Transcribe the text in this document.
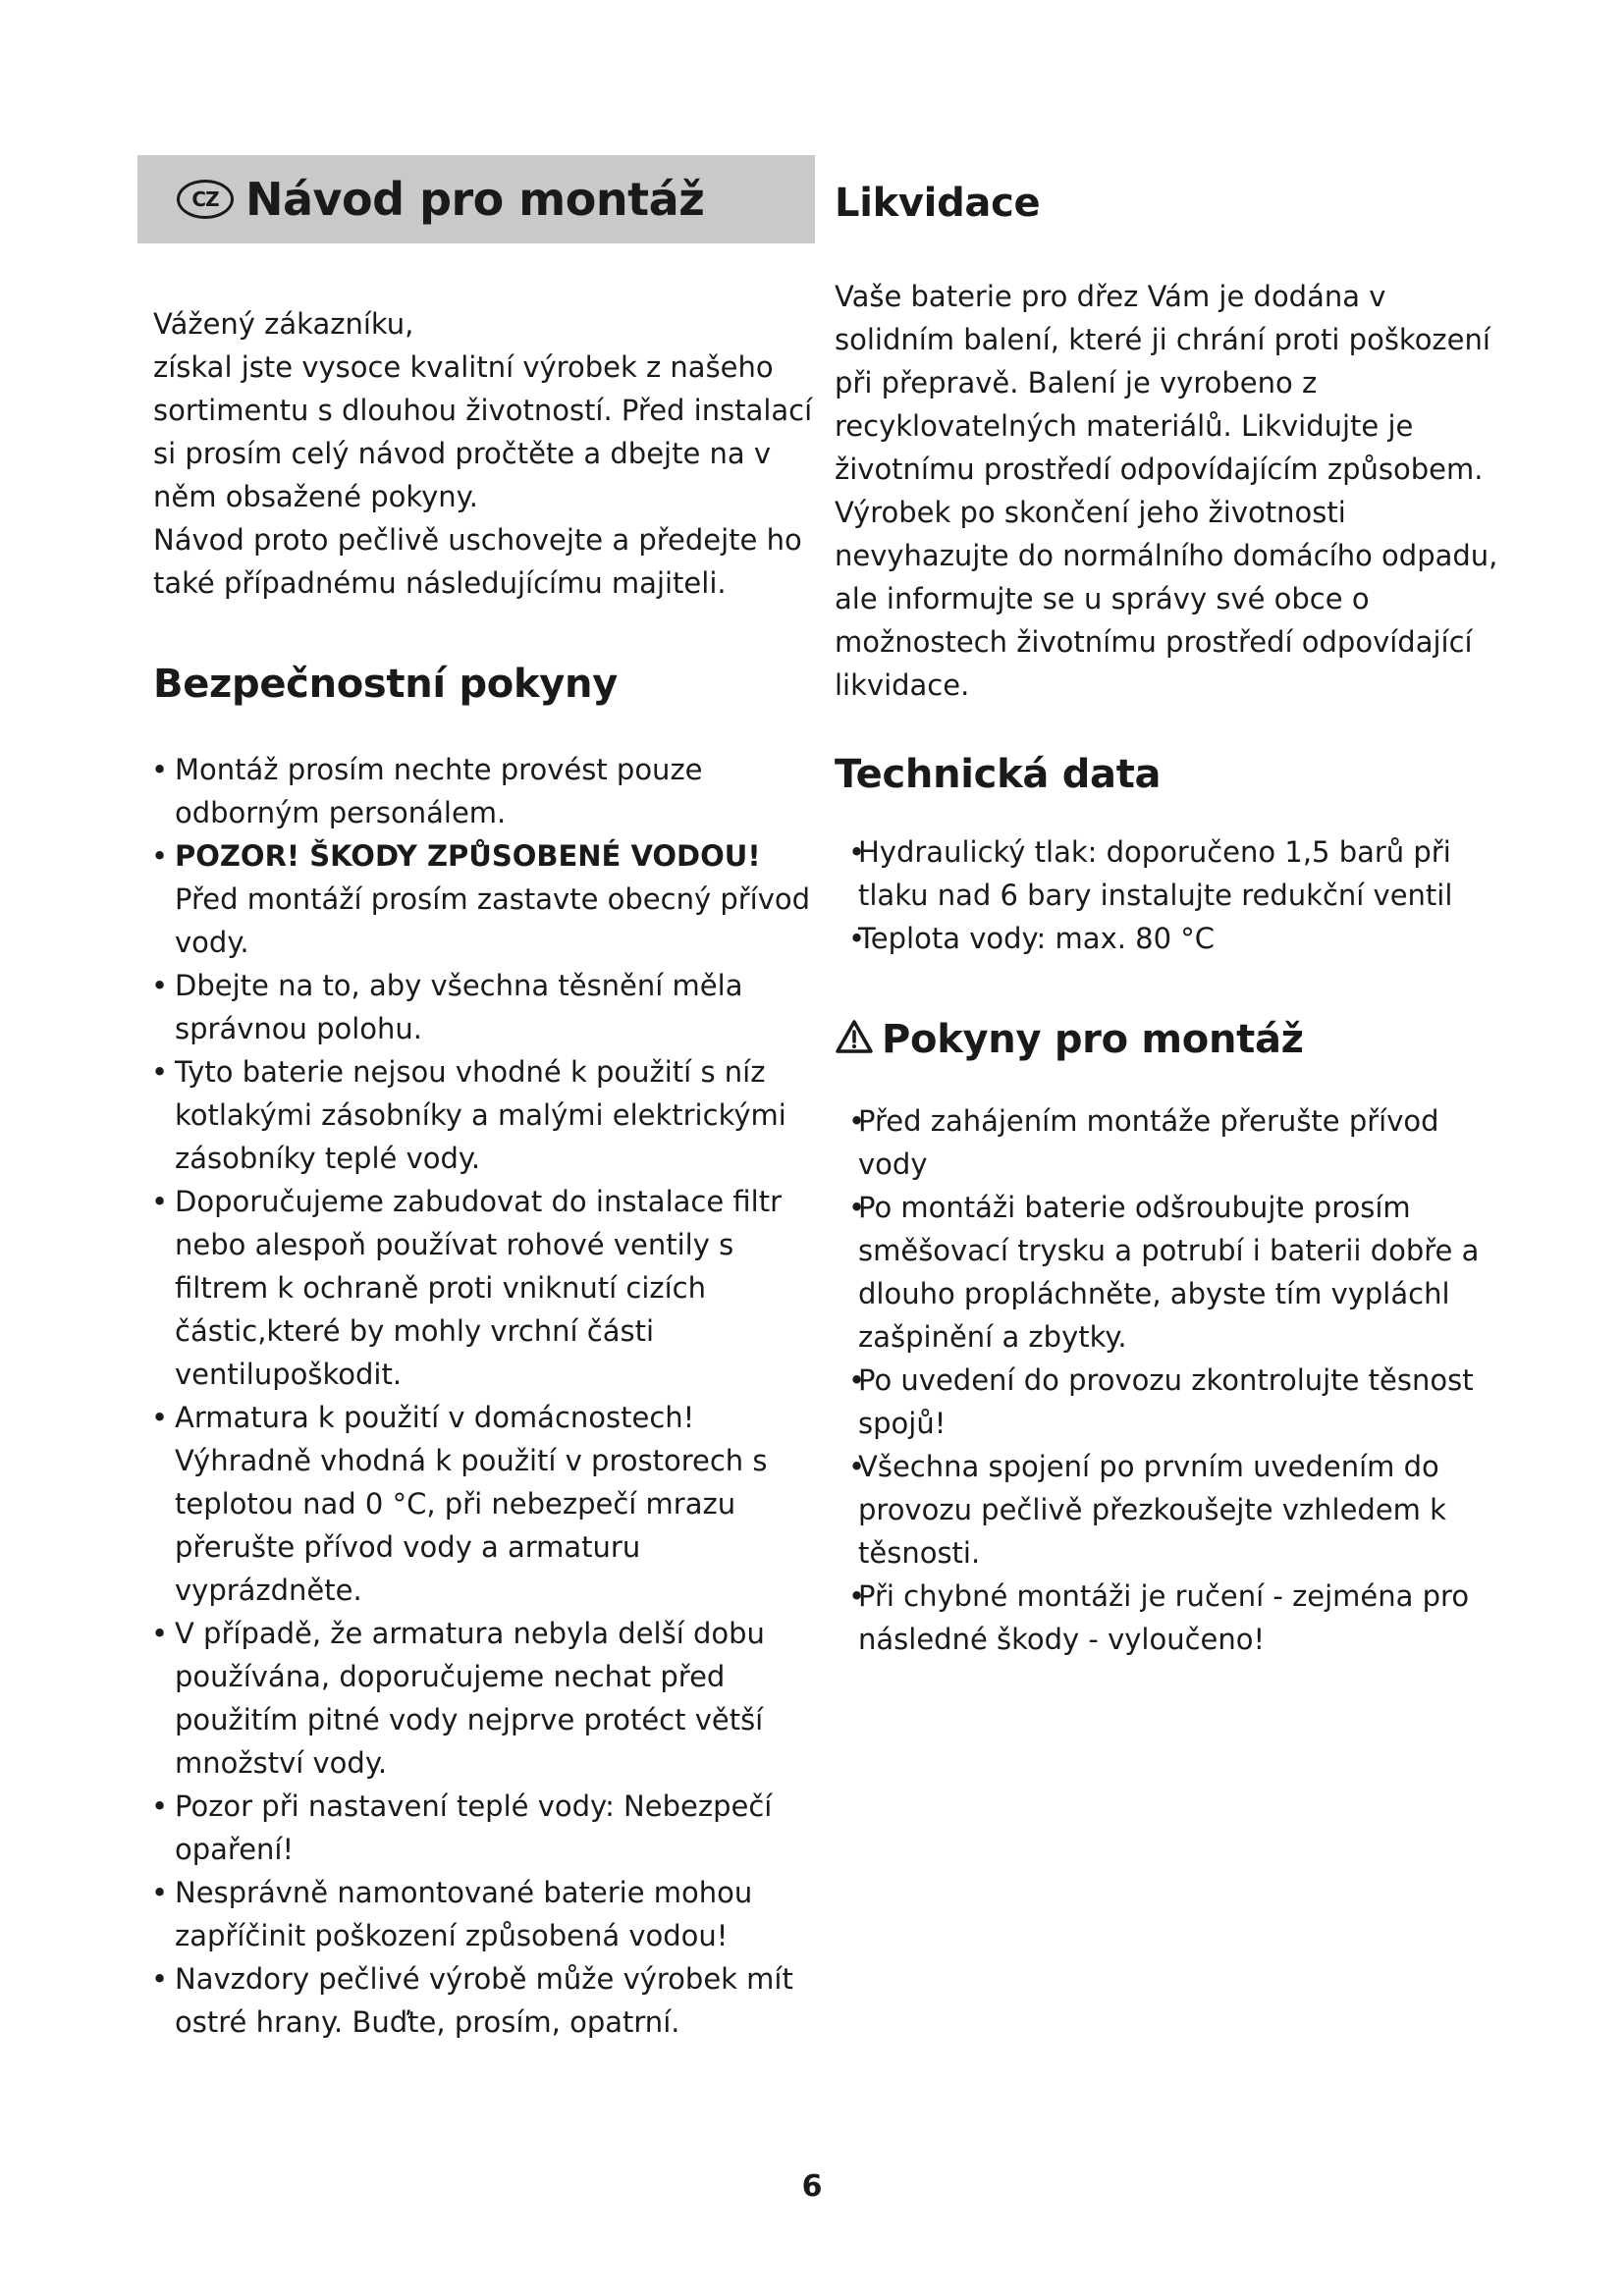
CZ Návod pro montáž

Vážený zákazníku,

získal jste vysoce kvalitní výrobek z našeho sortimentu s dlouhou životností. Před instalací si prosím celý návod pročtěte a dbejte na v něm obsažené pokyny.

Návod proto pečlivě uschovejte a předejte ho také případnému následujícímu majiteli.

Bezpečnostní pokyny
• Montáž prosím nechte provést pouze odborným personálem.
• POZOR! ŠKODY ZPŮSOBENÉ VODOU! Před montáží prosím zastavte obecný přívod vody.
• Dbejte na to, aby všechna těsnění měla správnou polohu.
• Tyto baterie nejsou vhodné k použití s níz kotlakými zásobníky a malými elektrickými zásobníky teplé vody.
• Doporučujeme zabudovat do instalace filtr nebo alespoň používat rohové ventily s filtrem k ochraně proti vniknutí cizích částic,které by mohly vrchní části ventilupoškodit.
• Armatura k použití v domácnostech! Výhradně vhodná k použití v prostorech s teplotou nad 0 °C, při nebezpečí mrazu přerušte přívod vody a armaturu vyprázdněte.
• V případě, že armatura nebyla delší dobu používána, doporučujeme nechat před použitím pitné vody nejprve protéct větší množství vody.
• Pozor při nastavení teplé vody: Nebezpečí opaření!
• Nesprávně namontované baterie mohou zapříčinit poškození způsobená vodou!
• Navzdory pečlivé výrobě může výrobek mít ostré hrany. Buďte, prosím, opatrní.
Likvidace

Vaše baterie pro dřez Vám je dodána v solidním balení, které ji chrání proti poškození při přepravě. Balení je vyrobeno z recyklovatelných materiálů. Likvidujte je životnímu prostředí odpovídajícím způsobem.

Výrobek po skončení jeho životnosti nevyhazujte do normálního domácího odpadu, ale informujte se u správy své obce o možnostech životnímu prostředí odpovídající likvidace.

Technická data
• Hydraulický tlak: doporučeno 1,5 barů při tlaku nad 6 bary instalujte redukční ventil
• Teplota vody: max. 80 °C
Pokyny pro montáž
• Před zahájením montáže přerušte přívod vody
• Po montáži baterie odšroubujte prosím směšovací trysku a potrubí i baterii dobře a dlouho propláchněte, abyste tím vypláchl zašpinění a zbytky.
• Po uvedení do provozu zkontrolujte těsnost spojů!
• Všechna spojení po prvním uvedením do provozu pečlivě přezkoušejte vzhledem k těsnosti.
• Při chybné montáži je ručení - zejména pro následné škody - vyloučeno!
6
